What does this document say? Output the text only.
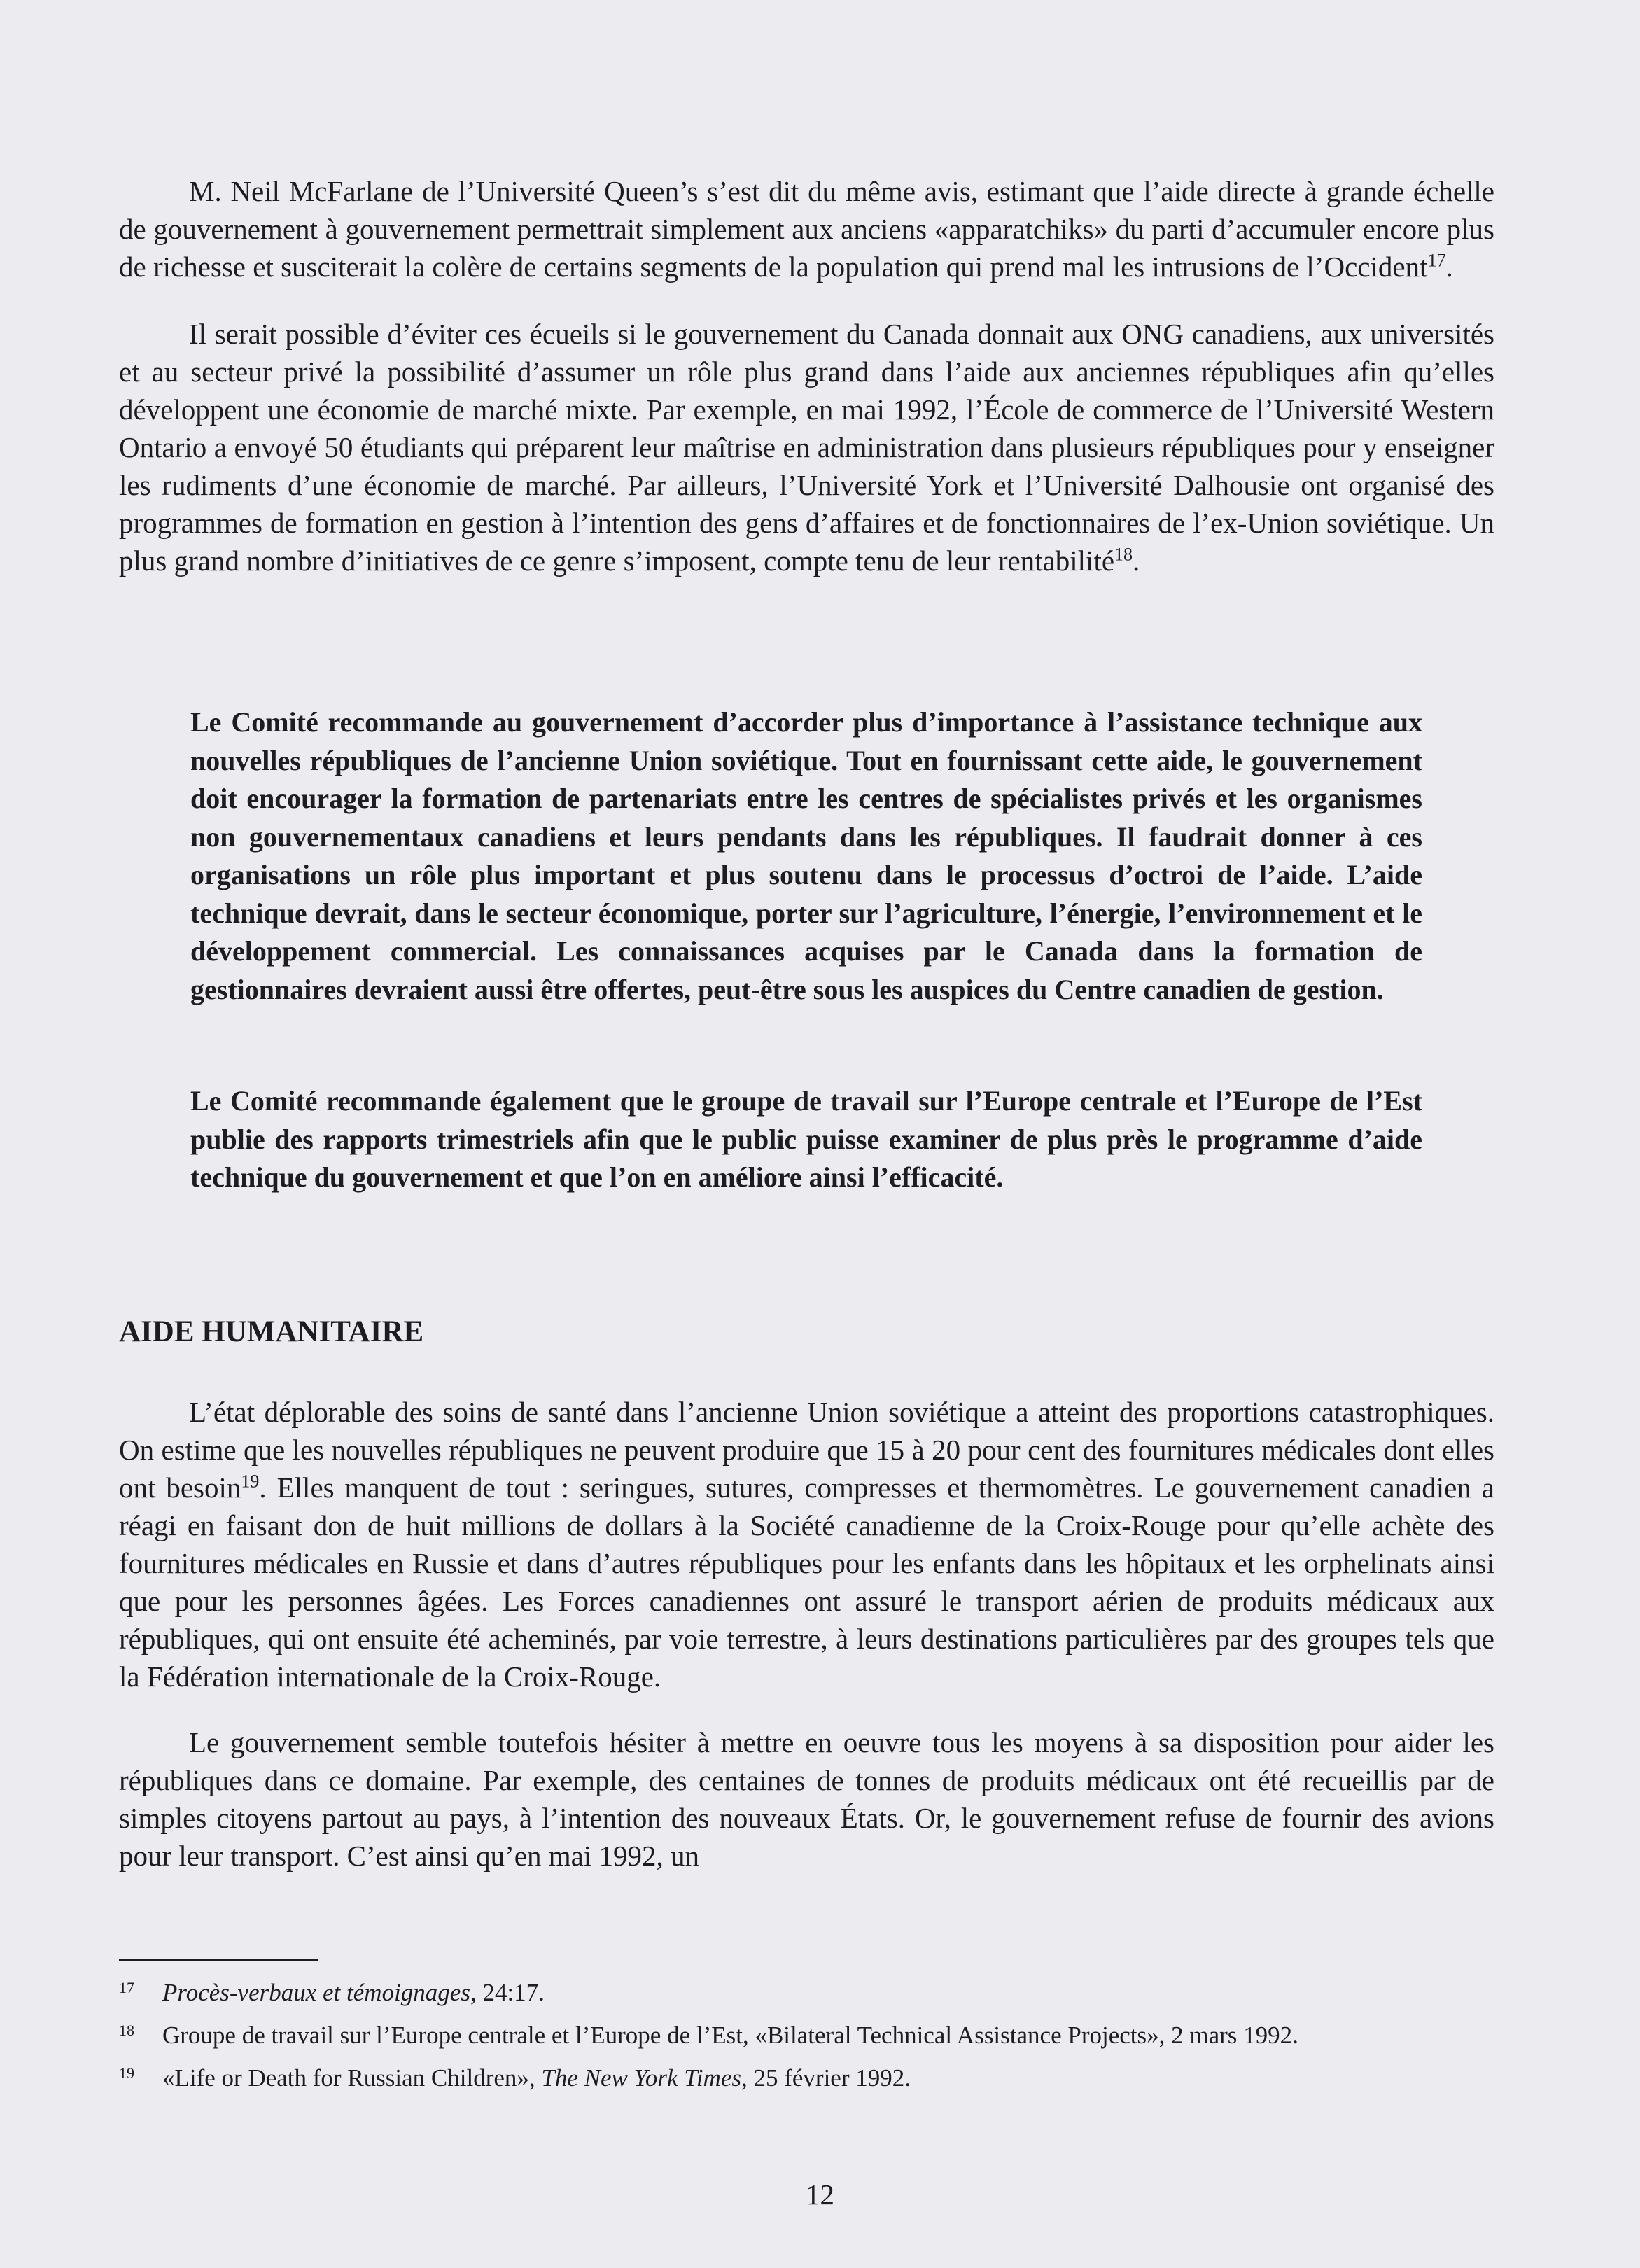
M. Neil McFarlane de l’Université Queen’s s’est dit du même avis, estimant que l’aide directe à grande échelle de gouvernement à gouvernement permettrait simplement aux anciens «apparatchiks» du parti d’accumuler encore plus de richesse et susciterait la colère de certains segments de la population qui prend mal les intrusions de l’Occident$^{17}$.

Il serait possible d’éviter ces écueils si le gouvernement du Canada donnait aux ONG canadiens, aux universités et au secteur privé la possibilité d’assumer un rôle plus grand dans l’aide aux anciennes républiques afin qu’elles développent une économie de marché mixte. Par exemple, en mai 1992, l’École de commerce de l’Université Western Ontario a envoyé 50 étudiants qui préparent leur maîtrise en administration dans plusieurs républiques pour y enseigner les rudiments d’une économie de marché. Par ailleurs, l’Université York et l’Université Dalhousie ont organisé des programmes de formation en gestion à l’intention des gens d’affaires et de fonctionnaires de l’ex-Union soviétique. Un plus grand nombre d’initiatives de ce genre s’imposent, compte tenu de leur rentabilité$^{18}$.

Le Comité recommande au gouvernement d’accorder plus d’importance à l’assistance technique aux nouvelles républiques de l’ancienne Union soviétique. Tout en fournissant cette aide, le gouvernement doit encourager la formation de partenariats entre les centres de spécialistes privés et les organismes non gouvernementaux canadiens et leurs pendants dans les républiques. Il faudrait donner à ces organisations un rôle plus important et plus soutenu dans le processus d’octroi de l’aide. L’aide technique devrait, dans le secteur économique, porter sur l’agriculture, l’énergie, l’environnement et le développement commercial. Les connaissances acquises par le Canada dans la formation de gestionnaires devraient aussi être offertes, peut-être sous les auspices du Centre canadien de gestion.

Le Comité recommande également que le groupe de travail sur l’Europe centrale et l’Europe de l’Est publie des rapports trimestriels afin que le public puisse examiner de plus près le programme d’aide technique du gouvernement et que l’on en améliore ainsi l’efficacité.

AIDE HUMANITAIRE

L’état déplorable des soins de santé dans l’ancienne Union soviétique a atteint des proportions catastrophiques. On estime que les nouvelles républiques ne peuvent produire que 15 à 20 pour cent des fournitures médicales dont elles ont besoin$^{19}$. Elles manquent de tout : seringues, sutures, compresses et thermomètres. Le gouvernement canadien a réagi en faisant don de huit millions de dollars à la Société canadienne de la Croix-Rouge pour qu’elle achète des fournitures médicales en Russie et dans d’autres républiques pour les enfants dans les hôpitaux et les orphelinats ainsi que pour les personnes âgées. Les Forces canadiennes ont assuré le transport aérien de produits médicaux aux républiques, qui ont ensuite été acheminés, par voie terrestre, à leurs destinations particulières par des groupes tels que la Fédération internationale de la Croix-Rouge.

Le gouvernement semble toutefois hésiter à mettre en oeuvre tous les moyens à sa disposition pour aider les républiques dans ce domaine. Par exemple, des centaines de tonnes de produits médicaux ont été recueillis par de simples citoyens partout au pays, à l’intention des nouveaux États. Or, le gouvernement refuse de fournir des avions pour leur transport. C’est ainsi qu’en mai 1992, un

17 Procès-verbaux et témoignages, 24:17.

18 Groupe de travail sur l’Europe centrale et l’Europe de l’Est, «Bilateral Technical Assistance Projects», 2 mars 1992.

19 «Life or Death for Russian Children», The New York Times, 25 février 1992.

12
